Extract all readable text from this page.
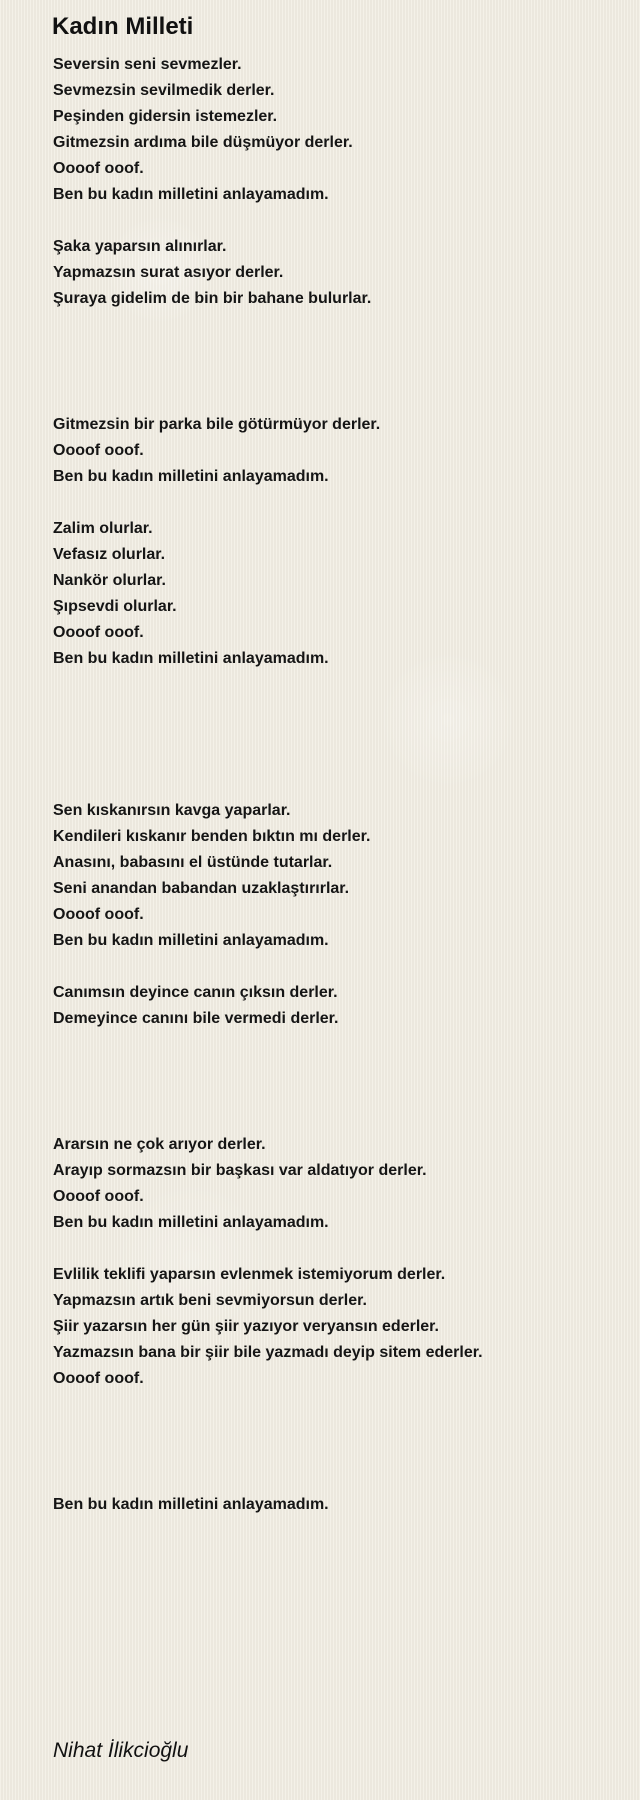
Kadın Milleti
Seversin seni sevmezler.
Sevmezsin sevilmedik derler.
Peşinden gidersin istemezler.
Gitmezsin ardıma bile düşmüyor derler.
Oooof ooof.
Ben bu kadın milletini anlayamadım.
Şaka yaparsın alınırlar.
Yapmazsın surat asıyor derler.
Şuraya gidelim de bin bir bahane bulurlar.
Gitmezsin bir parka bile götürmüyor derler.
Oooof ooof.
Ben bu kadın milletini anlayamadım.
Zalim olurlar.
Vefasız olurlar.
Nankör olurlar.
Şıpsevdi olurlar.
Oooof ooof.
Ben bu kadın milletini anlayamadım.
Sen kıskanırsın kavga yaparlar.
Kendileri kıskanır benden bıktın mı derler.
Anasını, babasını el üstünde tutarlar.
Seni anandan babandan uzaklaştırırlar.
Oooof ooof.
Ben bu kadın milletini anlayamadım.
Canımsın deyince canın çıksın derler.
Demeyince canını bile vermedi derler.
Ararsın ne çok arıyor derler.
Arayıp sormazsın bir başkası var aldatıyor derler.
Oooof ooof.
Ben bu kadın milletini anlayamadım.
Evlilik teklifi yaparsın evlenmek istemiyorum derler.
Yapmazsın artık beni sevmiyorsun derler.
Şiir yazarsın her gün şiir yazıyor veryansın ederler.
Yazmazsın bana bir şiir bile yazmadı deyip sitem ederler.
Oooof ooof.
Ben bu kadın milletini anlayamadım.

Nihat İlikcioğlu
